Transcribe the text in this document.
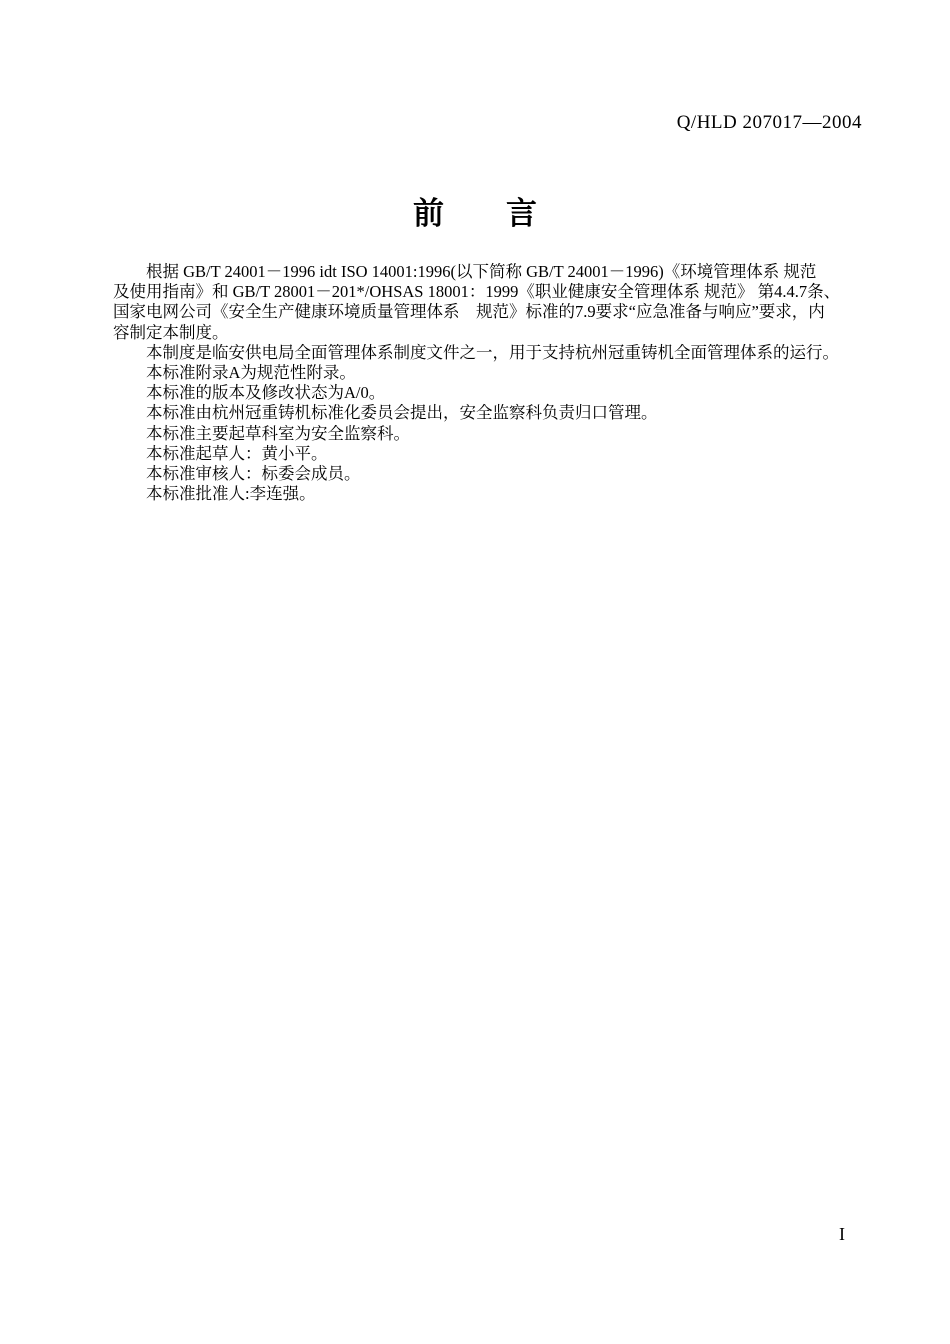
Q/HLD 207017—2004
前　　言
根据 GB/T 24001－1996 idt ISO 14001:1996(以下简称 GB/T 24001－1996)《环境管理体系 规范
及使用指南》和 GB/T 28001－201*/OHSAS 18001：1999《职业健康安全管理体系 规范》 第4.4.7条、
国家电网公司《安全生产健康环境质量管理体系　规范》标准的7.9要求“应急准备与响应”要求，内
容制定本制度。
本制度是临安供电局全面管理体系制度文件之一，用于支持杭州冠重铸机全面管理体系的运行。
本标准附录A为规范性附录。
本标准的版本及修改状态为A/0。
本标准由杭州冠重铸机标准化委员会提出，安全监察科负责归口管理。
本标准主要起草科室为安全监察科。
本标准起草人：黄小平。
本标准审核人：标委会成员。
本标准批准人:李连强。
I
